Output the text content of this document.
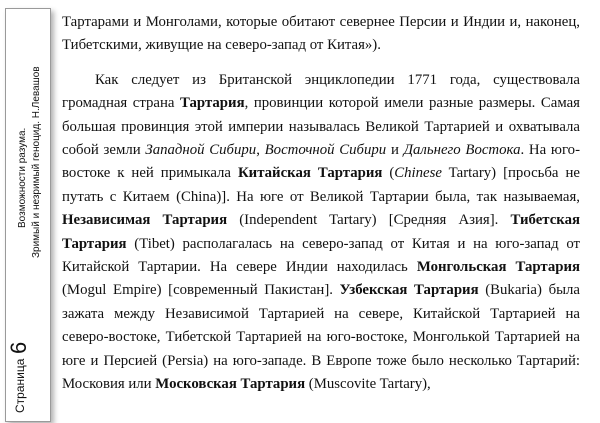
Страница
6
Возможности разума. Зримый и незримый геноцид. Н.Левашов

Тартарами и Монголами, которые обитают севернее Персии и Индии и, наконец, Тибетскими, живущие на северо-запад от Китая»).

Как следует из Британской энциклопедии 1771 года, существовала громадная страна Тартария, провинции которой имели разные размеры. Самая большая провинция этой империи называлась Великой Тартарией и охватывала собой земли Западной Сибири, Восточной Сибири и Дальнего Востока. На юго-востоке к ней примыкала Китайская Тартария (Chinese Tartary) [просьба не путать с Китаем (China)]. На юге от Великой Тартарии была, так называемая, Независимая Тартария (Independent Tartary) [Средняя Азия]. Тибетская Тартария (Tibet) располагалась на северо-запад от Китая и на юго-запад от Китайской Тартарии. На севере Индии находилась Монгольская Тартария (Mogul Empire) [современный Пакистан]. Узбекская Тартария (Bukaria) была зажата между Независимой Тартарией на севере, Китайской Тартарией на северо-востоке, Тибетской Тартарией на юго-востоке, Монголькой Тартарией на юге и Персией (Persia) на юго-западе. В Европе тоже было несколько Тартарий: Московия или Московская Тартария (Muscovite Tartary),
